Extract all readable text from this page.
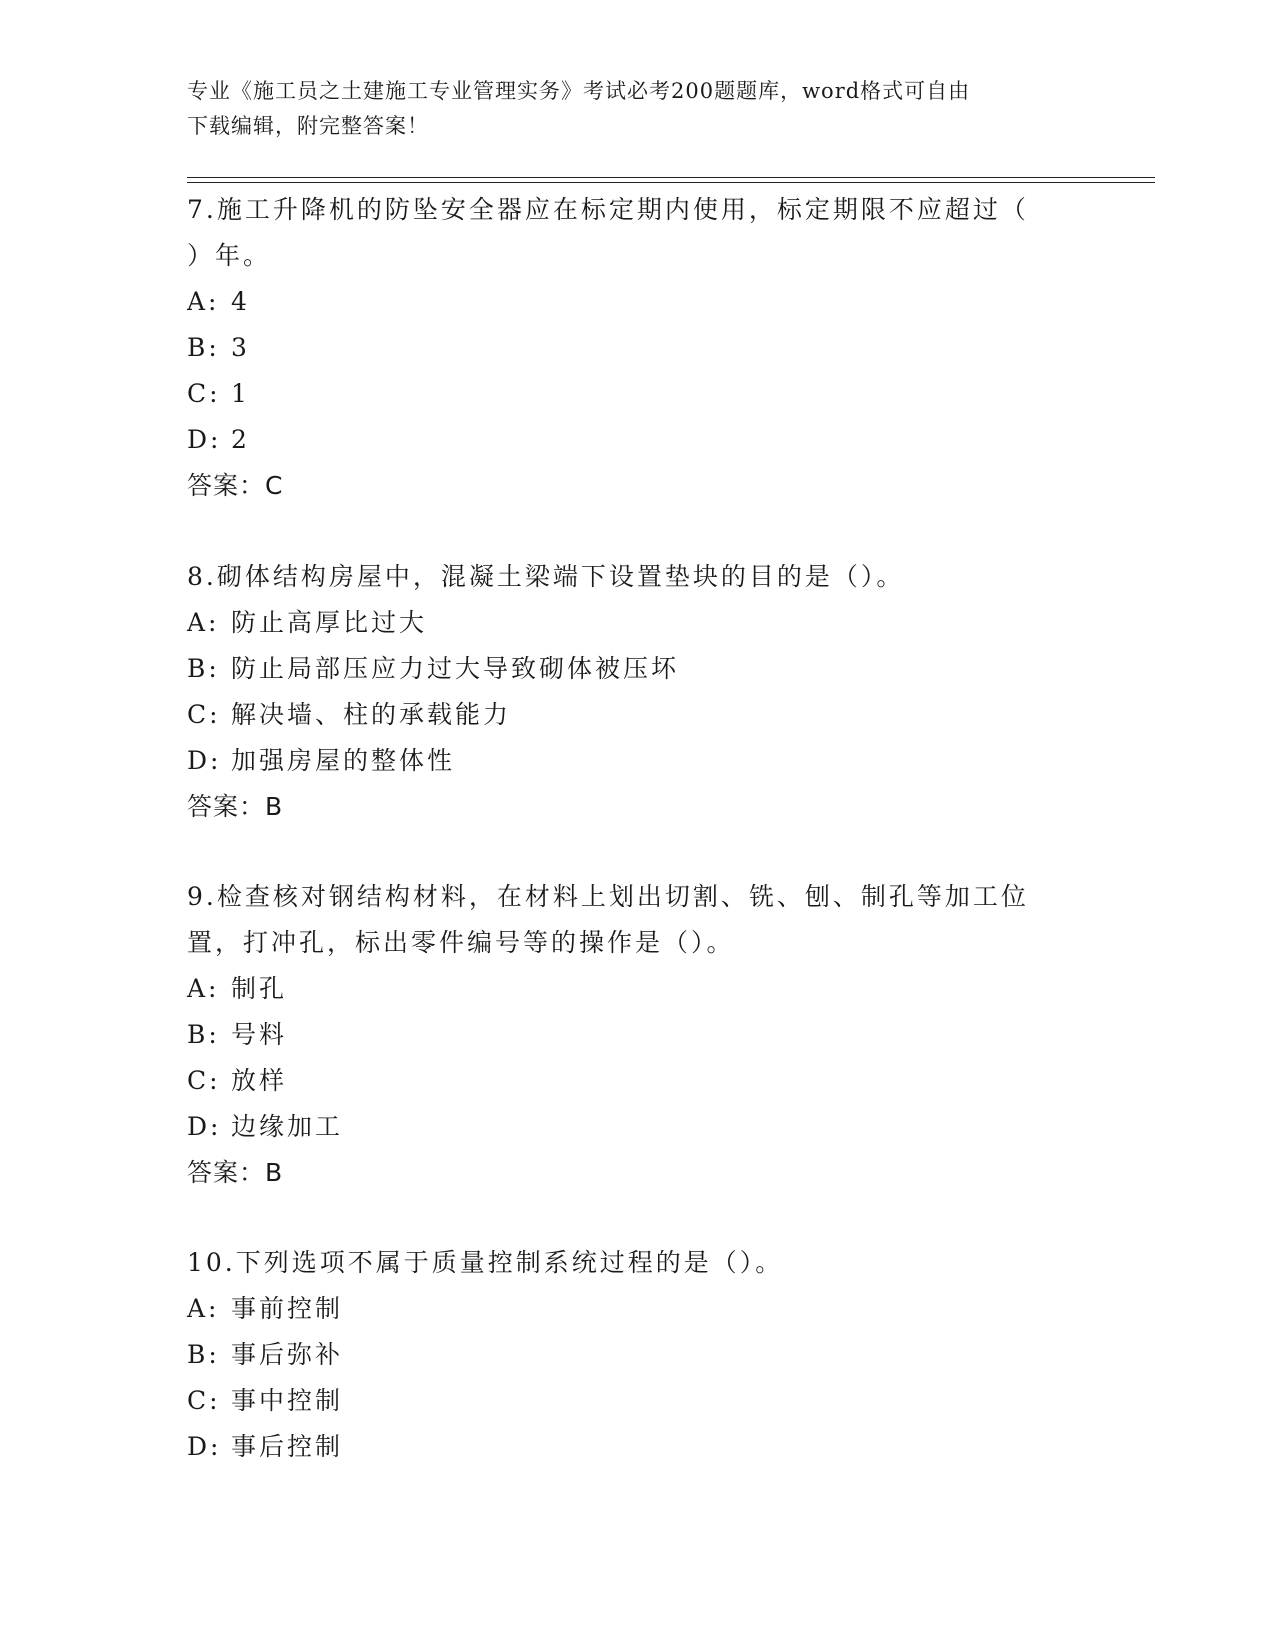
专业《施工员之土建施工专业管理实务》考试必考200题题库，word格式可自由
下载编辑，附完整答案！
7.施工升降机的防坠安全器应在标定期内使用，标定期限不应超过（
）年。
A: 4
B: 3
C: 1
D: 2
答案：C
8.砌体结构房屋中，混凝土梁端下设置垫块的目的是（）。
A: 防止高厚比过大
B: 防止局部压应力过大导致砌体被压坏
C: 解决墙、柱的承载能力
D: 加强房屋的整体性
答案：B
9.检查核对钢结构材料，在材料上划出切割、铣、刨、制孔等加工位
置，打冲孔，标出零件编号等的操作是（）。
A: 制孔
B: 号料
C: 放样
D: 边缘加工
答案：B
10.下列选项不属于质量控制系统过程的是（）。
A: 事前控制
B: 事后弥补
C: 事中控制
D: 事后控制
